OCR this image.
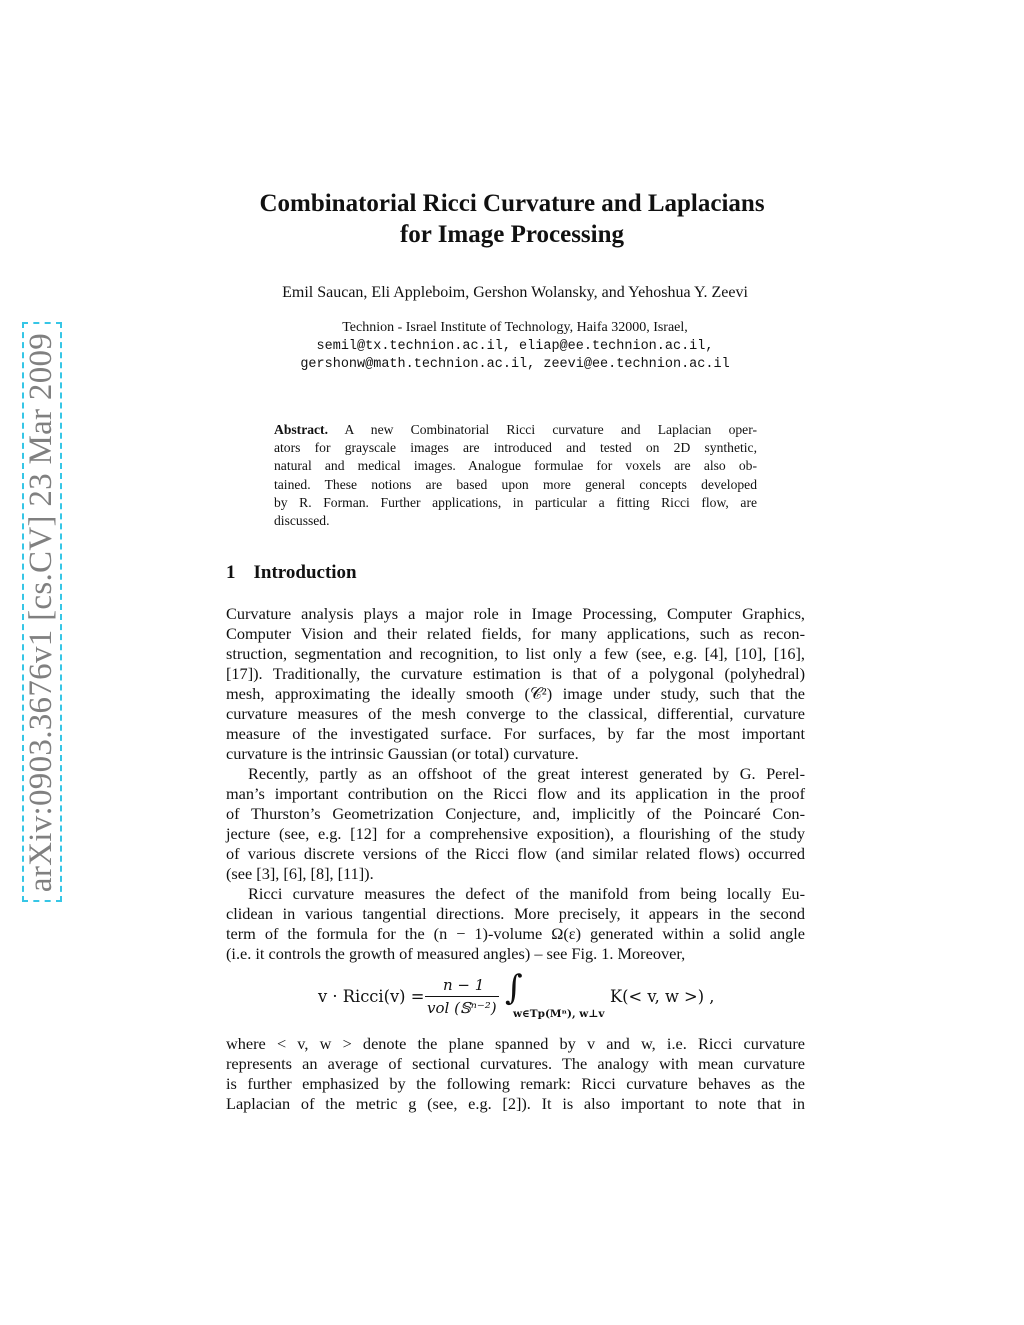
arXiv:0903.3676v1 [cs.CV] 23 Mar 2009
Combinatorial Ricci Curvature and Laplacians
for Image Processing
Emil Saucan, Eli Appleboim, Gershon Wolansky, and Yehoshua Y. Zeevi
Technion - Israel Institute of Technology, Haifa 32000, Israel,
semil@tx.technion.ac.il, eliap@ee.technion.ac.il,
gershonw@math.technion.ac.il, zeevi@ee.technion.ac.il
Abstract. A new Combinatorial Ricci curvature and Laplacian oper-
ators for grayscale images are introduced and tested on 2D synthetic,
natural and medical images. Analogue formulae for voxels are also ob-
tained. These notions are based upon more general concepts developed
by R. Forman. Further applications, in particular a fitting Ricci flow, are
discussed.
1 Introduction
Curvature analysis plays a major role in Image Processing, Computer Graphics,
Computer Vision and their related fields, for many applications, such as recon-
struction, segmentation and recognition, to list only a few (see, e.g. [4], [10], [16],
[17]). Traditionally, the curvature estimation is that of a polygonal (polyhedral)
mesh, approximating the ideally smooth (𝒞²) image under study, such that the
curvature measures of the mesh converge to the classical, differential, curvature
measure of the investigated surface. For surfaces, by far the most important
curvature is the intrinsic Gaussian (or total) curvature.
Recently, partly as an offshoot of the great interest generated by G. Perel-
man’s important contribution on the Ricci flow and its application in the proof
of Thurston’s Geometrization Conjecture, and, implicitly of the Poincaré Con-
jecture (see, e.g. [12] for a comprehensive exposition), a flourishing of the study
of various discrete versions of the Ricci flow (and similar related flows) occurred
(see [3], [6], [8], [11]).
Ricci curvature measures the defect of the manifold from being locally Eu-
clidean in various tangential directions. More precisely, it appears in the second
term of the formula for the (n − 1)-volume Ω(ε) generated within a solid angle
(i.e. it controls the growth of measured angles) – see Fig. 1. Moreover,
v · Ricci(v) =
n − 1
vol (𝕊ⁿ⁻²) ∫
w∈Tp(Mⁿ), w⊥v
K(< v, w >) ,
where < v, w > denote the plane spanned by v and w, i.e. Ricci curvature
represents an average of sectional curvatures. The analogy with mean curvature
is further emphasized by the following remark: Ricci curvature behaves as the
Laplacian of the metric g (see, e.g. [2]). It is also important to note that in
